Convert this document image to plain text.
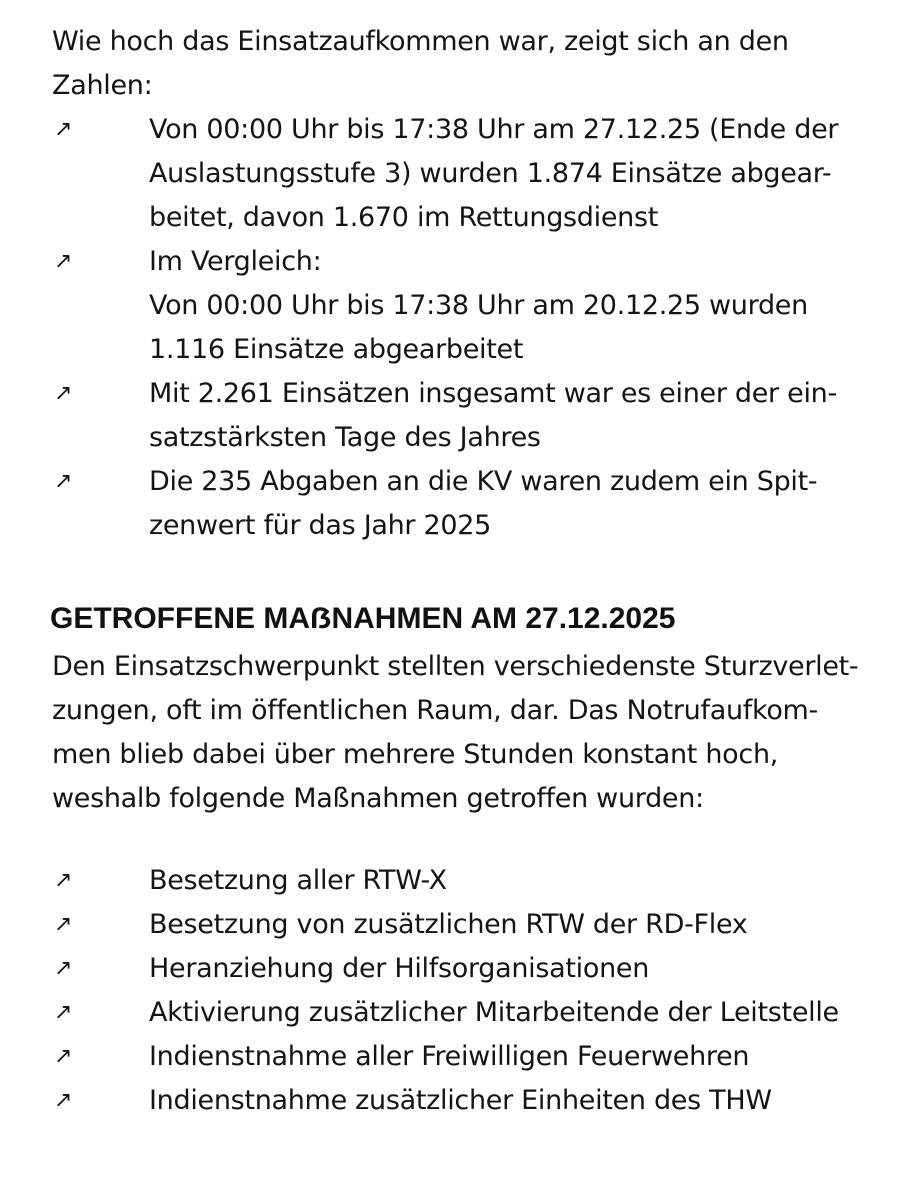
Wie hoch das Einsatzaufkommen war, zeigt sich an den
Zahlen:

↗	Von 00:00 Uhr bis 17:38 Uhr am 27.12.25 (Ende der
Auslastungsstufe 3) wurden 1.874 Einsätze abgear-
beitet, davon 1.670 im Rettungsdienst
↗	Im Vergleich:
Von 00:00 Uhr bis 17:38 Uhr am 20.12.25 wurden
1.116 Einsätze abgearbeitet
↗	Mit 2.261 Einsätzen insgesamt war es einer der ein-
satzstärksten Tage des Jahres
↗	Die 235 Abgaben an die KV waren zudem ein Spit-
zenwert für das Jahr 2025
GETROFFENE MAẞNAHMEN AM 27.12.2025

Den Einsatzschwerpunkt stellten verschiedenste Sturzverlet-
zungen, oft im öffentlichen Raum, dar. Das Notrufaufkom-
men blieb dabei über mehrere Stunden konstant hoch,
weshalb folgende Maßnahmen getroffen wurden:

↗	Besetzung aller RTW-X
↗	Besetzung von zusätzlichen RTW der RD-Flex
↗	Heranziehung der Hilfsorganisationen
↗	Aktivierung zusätzlicher Mitarbeitende der Leitstelle
↗	Indienstnahme aller Freiwilligen Feuerwehren
↗	Indienstnahme zusätzlicher Einheiten des THW
